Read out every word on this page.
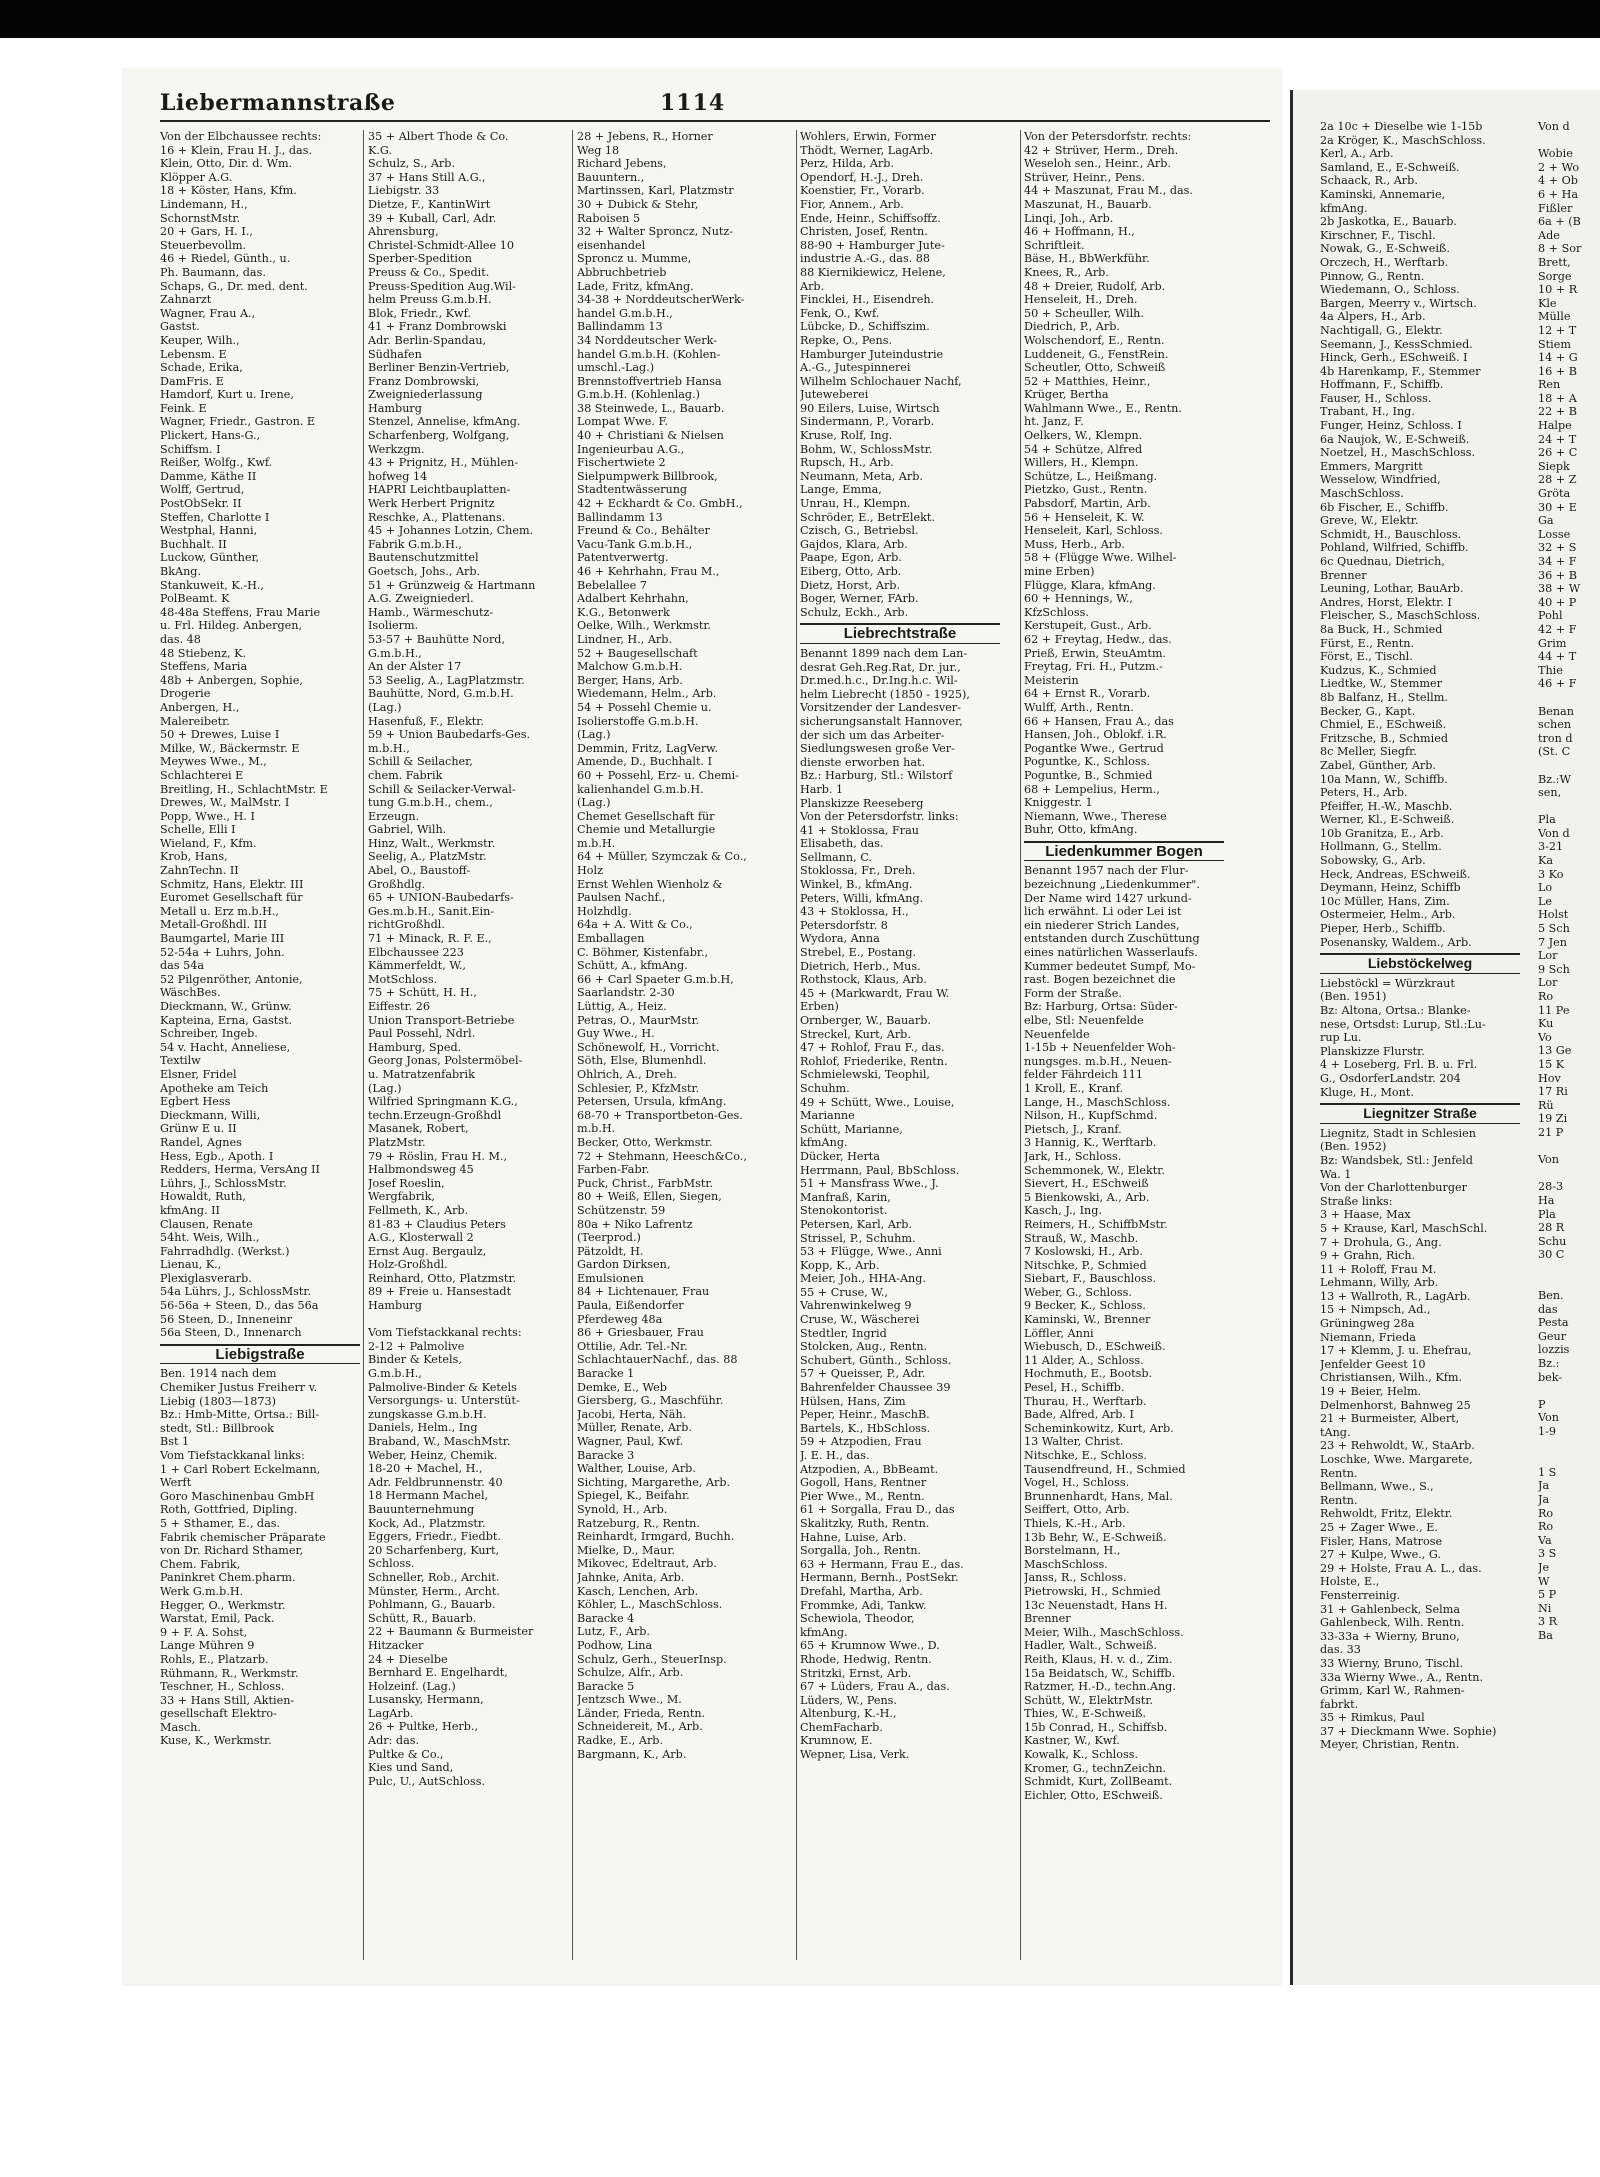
Liebermannstraße	1114

Von der Elbchaussee rechts:

16 + Klein, Frau H. J., das.

Klein, Otto, Dir. d. Wm.

Klöpper A.G.

18 + Köster, Hans, Kfm.

Lindemann, H.,

SchornstMstr.

20 + Gars, H. I.,

Steuerbevollm.

46 + Riedel, Günth., u.

Ph. Baumann, das.

Schaps, G., Dr. med. dent.

Zahnarzt

Wagner, Frau A.,

Gastst.

Keuper, Wilh.,

Lebensm. E

Schade, Erika,

DamFris. E

Hamdorf, Kurt u. Irene,

Feink. E

Wagner, Friedr., Gastron. E

Plickert, Hans-G.,

Schiffsm. I

Reißer, Wolfg., Kwf.

Damme, Käthe II

Wolff, Gertrud,

PostObSekr. II

Steffen, Charlotte I

Westphal, Hanni,

Buchhalt. II

Luckow, Günther,

BkAng.

Stankuweit, K.-H.,

PolBeamt. K

48-48a Steffens, Frau Marie

u. Frl. Hildeg. Anbergen,

das. 48

48 Stiebenz, K.

Steffens, Maria

48b + Anbergen, Sophie,

Drogerie

Anbergen, H.,

Malereibetr.

50 + Drewes, Luise I

Milke, W., Bäckermstr. E

Meywes Wwe., M.,

Schlachterei E

Breitling, H., SchlachtMstr. E

Drewes, W., MalMstr. I

Popp, Wwe., H. I

Schelle, Elli I

Wieland, F., Kfm.

Krob, Hans,

ZahnTechn. II

Schmitz, Hans, Elektr. III

Euromet Gesellschaft für

Metall u. Erz m.b.H.,

Metall-Großhdl. III

Baumgartel, Marie III

52-54a + Luhrs, John.

das 54a

52 Pilgenröther, Antonie,

WäschBes.

Dieckmann, W., Grünw.

Kapteina, Erna, Gastst.

Schreiber, Ingeb.

54 v. Hacht, Anneliese,

Textilw

Elsner, Fridel

Apotheke am Teich

Egbert Hess

Dieckmann, Willi,

Grünw E u. II

Randel, Agnes

Hess, Egb., Apoth. I

Redders, Herma, VersAng II

Lührs, J., SchlossMstr.

Howaldt, Ruth,

kfmAng. II

Clausen, Renate

54ht. Weis, Wilh.,

Fahrradhdlg. (Werkst.)

Lienau, K.,

Plexiglasverarb.

54a Lührs, J., SchlossMstr.

56-56a + Steen, D., das 56a

56 Steen, D., Inneneinr

56a Steen, D., Innenarch

Liebigstraße

Ben. 1914 nach dem

Chemiker Justus Freiherr v.

Liebig (1803—1873)

Bz.: Hmb-Mitte, Ortsa.: Bill-

stedt, Stl.: Billbrook

Bst 1

Vom Tiefstackkanal links:

1 + Carl Robert Eckelmann,

Werft

Goro Maschinenbau GmbH

Roth, Gottfried, Dipling.

5 + Sthamer, E., das.

Fabrik chemischer Präparate

von Dr. Richard Sthamer,

Chem. Fabrik,

Paninkret Chem.pharm.

Werk G.m.b.H.

Hegger, O., Werkmstr.

Warstat, Emil, Pack.

9 + F. A. Sohst,

Lange Mühren 9

Rohls, E., Platzarb.

Rühmann, R., Werkmstr.

Teschner, H., Schloss.

33 + Hans Still, Aktien-

gesellschaft Elektro-

Masch.

Kuse, K., Werkmstr.

35 + Albert Thode & Co.

K.G.

Schulz, S., Arb.

37 + Hans Still A.G.,

Liebigstr. 33

Dietze, F., KantinWirt

39 + Kuball, Carl, Adr.

Ahrensburg,

Christel-Schmidt-Allee 10

Sperber-Spedition

Preuss & Co., Spedit.

Preuss-Spedition Aug.Wil-

helm Preuss G.m.b.H.

Blok, Friedr., Kwf.

41 + Franz Dombrowski

Adr. Berlin-Spandau,

Südhafen

Berliner Benzin-Vertrieb,

Franz Dombrowski,

Zweigniederlassung

Hamburg

Stenzel, Annelise, kfmAng.

Scharfenberg, Wolfgang,

Werkzgm.

43 + Prignitz, H., Mühlen-

hofweg 14

HAPRI Leichtbauplatten-

Werk Herbert Prignitz

Reschke, A., Plattenans.

45 + Johannes Lotzin, Chem.

Fabrik G.m.b.H.,

Bautenschutzmittel

Goetsch, Johs., Arb.

51 + Grünzweig & Hartmann

A.G. Zweigniederl.

Hamb., Wärmeschutz-

Isolierm.

53-57 + Bauhütte Nord,

G.m.b.H.,

An der Alster 17

53 Seelig, A., LagPlatzmstr.

Bauhütte, Nord, G.m.b.H.

(Lag.)

Hasenfuß, F., Elektr.

59 + Union Baubedarfs-Ges.

m.b.H.,

Schill & Seilacher,

chem. Fabrik

Schill & Seilacker-Verwal-

tung G.m.b.H., chem.,

Erzeugn.

Gabriel, Wilh.

Hinz, Walt., Werkmstr.

Seelig, A., PlatzMstr.

Abel, O., Baustoff-

Großhdlg.

65 + UNION-Baubedarfs-

Ges.m.b.H., Sanit.Ein-

richtGroßhdl.

71 + Minack, R. F. E.,

Elbchaussee 223

Kämmerfeldt, W.,

MotSchloss.

75 + Schütt, H. H.,

Eiffestr. 26

Union Transport-Betriebe

Paul Possehl, Ndrl.

Hamburg, Sped.

Georg Jonas, Polstermöbel-

u. Matratzenfabrik

(Lag.)

Wilfried Springmann K.G.,

techn.Erzeugn-Großhdl

Masanek, Robert,

PlatzMstr.

79 + Röslin, Frau H. M.,

Halbmondsweg 45

Josef Roeslin,

Wergfabrik,

Fellmeth, K., Arb.

81-83 + Claudius Peters

A.G., Klosterwall 2

Ernst Aug. Bergaulz,

Holz-Großhdl.

Reinhard, Otto, Platzmstr.

89 + Freie u. Hansestadt

Hamburg

Vom Tiefstackkanal rechts:

2-12 + Palmolive

Binder & Ketels,

G.m.b.H.,

Palmolive-Binder & Ketels

Versorgungs- u. Unterstüt-

zungskasse G.m.b.H.

Daniels, Helm., Ing

Braband, W., MaschMstr.

Weber, Heinz, Chemik.

18-20 + Machel, H.,

Adr. Feldbrunnenstr. 40

18 Hermann Machel,

Bauunternehmung

Kock, Ad., Platzmstr.

Eggers, Friedr., Fiedbt.

20 Scharfenberg, Kurt,

Schloss.

Schneller, Rob., Archit.

Münster, Herm., Archt.

Pohlmann, G., Bauarb.

Schütt, R., Bauarb.

22 + Baumann & Burmeister

Hitzacker

24 + Dieselbe

Bernhard E. Engelhardt,

Holzeinf. (Lag.)

Lusansky, Hermann,

LagArb.

26 + Pultke, Herb.,

Adr: das.

Pultke & Co.,

Kies und Sand,

Pulc, U., AutSchloss.

28 + Jebens, R., Horner

Weg 18

Richard Jebens,

Bauuntern.,

Martinssen, Karl, Platzmstr

30 + Dubick & Stehr,

Raboisen 5

32 + Walter Sproncz, Nutz-

eisenhandel

Sproncz u. Mumme,

Abbruchbetrieb

Lade, Fritz, kfmAng.

34-38 + NorddeutscherWerk-

handel G.m.b.H.,

Ballindamm 13

34 Norddeutscher Werk-

handel G.m.b.H. (Kohlen-

umschl.-Lag.)

Brennstoffvertrieb Hansa

G.m.b.H. (Kohlenlag.)

38 Steinwede, L., Bauarb.

Lompat Wwe. F.

40 + Christiani & Nielsen

Ingenieurbau A.G.,

Fischertwiete 2

Sielpumpwerk Billbrook,

Stadtentwässerung

42 + Eckhardt & Co. GmbH.,

Ballindamm 13

Freund & Co., Behälter

Vacu-Tank G.m.b.H.,

Patentverwertg.

46 + Kehrhahn, Frau M.,

Bebelallee 7

Adalbert Kehrhahn,

K.G., Betonwerk

Oelke, Wilh., Werkmstr.

Lindner, H., Arb.

52 + Baugesellschaft

Malchow G.m.b.H.

Berger, Hans, Arb.

Wiedemann, Helm., Arb.

54 + Possehl Chemie u.

Isolierstoffe G.m.b.H.

(Lag.)

Demmin, Fritz, LagVerw.

Amende, D., Buchhalt. I

60 + Possehl, Erz- u. Chemi-

kalienhandel G.m.b.H.

(Lag.)

Chemet Gesellschaft für

Chemie und Metallurgie

m.b.H.

64 + Müller, Szymczak & Co.,

Holz

Ernst Wehlen Wienholz &

Paulsen Nachf.,

Holzhdlg.

64a + A. Witt & Co.,

Emballagen

C. Böhmer, Kistenfabr.,

Schütt, A., kfmAng.

66 + Carl Spaeter G.m.b.H,

Saarlandstr. 2-30

Lüttig, A., Heiz.

Petras, O., MaurMstr.

Guy Wwe., H.

Schönewolf, H., Vorricht.

Söth, Else, Blumenhdl.

Ohlrich, A., Dreh.

Schlesier, P., KfzMstr.

Petersen, Ursula, kfmAng.

68-70 + Transportbeton-Ges.

m.b.H.

Becker, Otto, Werkmstr.

72 + Stehmann, Heesch&Co.,

Farben-Fabr.

Puck, Christ., FarbMstr.

80 + Weiß, Ellen, Siegen,

Schützenstr. 59

80a + Niko Lafrentz

(Teerprod.)

Pätzoldt, H.

Gardon Dirksen,

Emulsionen

84 + Lichtenauer, Frau

Paula, Eißendorfer

Pferdeweg 48a

86 + Griesbauer, Frau

Ottilie, Adr. Tel.-Nr.

SchlachtauerNachf., das. 88

Baracke 1

Demke, E., Web

Giersberg, G., Maschführ.

Jacobi, Herta, Näh.

Müller, Renate, Arb.

Wagner, Paul, Kwf.

Baracke 3

Walther, Louise, Arb.

Sichting, Margarethe, Arb.

Spiegel, K., Beifahr.

Synold, H., Arb.

Ratzeburg, R., Rentn.

Reinhardt, Irmgard, Buchh.

Mielke, D., Maur.

Mikovec, Edeltraut, Arb.

Jahnke, Anita, Arb.

Kasch, Lenchen, Arb.

Köhler, L., MaschSchloss.

Baracke 4

Lutz, F., Arb.

Podhow, Lina

Schulz, Gerh., SteuerInsp.

Schulze, Alfr., Arb.

Baracke 5

Jentzsch Wwe., M.

Länder, Frieda, Rentn.

Schneidereit, M., Arb.

Radke, E., Arb.

Bargmann, K., Arb.

Wohlers, Erwin, Former

Thödt, Werner, LagArb.

Perz, Hilda, Arb.

Opendorf, H.-J., Dreh.

Koenstier, Fr., Vorarb.

Fior, Annem., Arb.

Ende, Heinr., Schiffsoffz.

Christen, Josef, Rentn.

88-90 + Hamburger Jute-

industrie A.-G., das. 88

88 Kiernikiewicz, Helene,

Arb.

Fincklei, H., Eisendreh.

Fenk, O., Kwf.

Lübcke, D., Schiffszim.

Repke, O., Pens.

Hamburger Juteindustrie

A.-G., Jutespinnerei

Wilhelm Schlochauer Nachf,

Juteweberei

90 Eilers, Luise, Wirtsch

Sindermann, P., Vorarb.

Kruse, Rolf, Ing.

Bohm, W., SchlossMstr.

Rupsch, H., Arb.

Neumann, Meta, Arb.

Lange, Emma,

Unrau, H., Klempn.

Schröder, E., BetrElekt.

Czisch, G., Betriebsl.

Gajdos, Klara, Arb.

Paape, Egon, Arb.

Eiberg, Otto, Arb.

Dietz, Horst, Arb.

Boger, Werner, FArb.

Schulz, Eckh., Arb.

Liebrechtstraße

Benannt 1899 nach dem Lan-

desrat Geh.Reg.Rat, Dr. jur.,

Dr.med.h.c., Dr.Ing.h.c. Wil-

helm Liebrecht (1850 - 1925),

Vorsitzender der Landesver-

sicherungsanstalt Hannover,

der sich um das Arbeiter-

Siedlungswesen große Ver-

dienste erworben hat.

Bz.: Harburg, Stl.: Wilstorf

Harb. 1

Planskizze Reeseberg

Von der Petersdorfstr. links:

41 + Stoklossa, Frau

Elisabeth, das.

Sellmann, C.

Stoklossa, Fr., Dreh.

Winkel, B., kfmAng.

Peters, Willi, kfmAng.

43 + Stoklossa, H.,

Petersdorfstr. 8

Wydora, Anna

Strebel, E., Postang.

Dietrich, Herb., Mus.

Rothstock, Klaus, Arb.

45 + (Markwardt, Frau W.

Erben)

Ornberger, W., Bauarb.

Streckel, Kurt, Arb.

47 + Rohlof, Frau F., das.

Rohlof, Friederike, Rentn.

Schmielewski, Teophil,

Schuhm.

49 + Schütt, Wwe., Louise,

Marianne

Schütt, Marianne,

kfmAng.

Dücker, Herta

Herrmann, Paul, BbSchloss.

51 + Mansfrass Wwe., J.

Manfraß, Karin,

Stenokontorist.

Petersen, Karl, Arb.

Strissel, P., Schuhm.

53 + Flügge, Wwe., Anni

Kopp, K., Arb.

Meier, Joh., HHA-Ang.

55 + Cruse, W.,

Vahrenwinkelweg 9

Cruse, W., Wäscherei

Stedtler, Ingrid

Stolcken, Aug., Rentn.

Schubert, Günth., Schloss.

57 + Queisser, P., Adr.

Bahrenfelder Chaussee 39

Hülsen, Hans, Zim

Peper, Heinr., MaschB.

Bartels, K., HbSchloss.

59 + Atzpodien, Frau

J. E. H., das.

Atzpodien, A., BbBeamt.

Gogoll, Hans, Rentner

Pier Wwe., M., Rentn.

61 + Sorgalla, Frau D., das

Skalitzky, Ruth, Rentn.

Hahne, Luise, Arb.

Sorgalla, Joh., Rentn.

63 + Hermann, Frau E., das.

Hermann, Bernh., PostSekr.

Drefahl, Martha, Arb.

Frommke, Adi, Tankw.

Schewiola, Theodor,

kfmAng.

65 + Krumnow Wwe., D.

Rhode, Hedwig, Rentn.

Stritzki, Ernst, Arb.

67 + Lüders, Frau A., das.

Lüders, W., Pens.

Altenburg, K.-H.,

ChemFacharb.

Krumnow, E.

Wepner, Lisa, Verk.

Von der Petersdorfstr. rechts:

42 + Strüver, Herm., Dreh.

Weseloh sen., Heinr., Arb.

Strüver, Heinr., Pens.

44 + Maszunat, Frau M., das.

Maszunat, H., Bauarb.

Linqi, Joh., Arb.

46 + Hoffmann, H.,

Schriftleit.

Bäse, H., BbWerkführ.

Knees, R., Arb.

48 + Dreier, Rudolf, Arb.

Henseleit, H., Dreh.

50 + Scheuller, Wilh.

Diedrich, P., Arb.

Wolschendorf, E., Rentn.

Luddeneit, G., FenstRein.

Scheutler, Otto, Schweiß

52 + Matthies, Heinr.,

Krüger, Bertha

Wahlmann Wwe., E., Rentn.

ht. Janz, F.

Oelkers, W., Klempn.

54 + Schütze, Alfred

Willers, H., Klempn.

Schütze, L., Heißmang.

Pietzko, Gust., Rentn.

Pabsdorf, Martin, Arb.

56 + Henseleit, K. W.

Henseleit, Karl, Schloss.

Muss, Herb., Arb.

58 + (Flügge Wwe. Wilhel-

mine Erben)

Flügge, Klara, kfmAng.

60 + Hennings, W.,

KfzSchloss.

Kerstupeit, Gust., Arb.

62 + Freytag, Hedw., das.

Prieß, Erwin, SteuAmtm.

Freytag, Fri. H., Putzm.-

Meisterin

64 + Ernst R., Vorarb.

Wulff, Arth., Rentn.

66 + Hansen, Frau A., das

Hansen, Joh., Oblokf. i.R.

Pogantke Wwe., Gertrud

Poguntke, K., Schloss.

Poguntke, B., Schmied

68 + Lempelius, Herm.,

Kniggestr. 1

Niemann, Wwe., Therese

Buhr, Otto, kfmAng.

Liedenkummer Bogen

Benannt 1957 nach der Flur-

bezeichnung „Liedenkummer".

Der Name wird 1427 urkund-

lich erwähnt. Li oder Lei ist

ein niederer Strich Landes,

entstanden durch Zuschüttung

eines natürlichen Wasserlaufs.

Kummer bedeutet Sumpf, Mo-

rast. Bogen bezeichnet die

Form der Straße.

Bz: Harburg, Ortsa: Süder-

elbe, Stl: Neuenfelde

Neuenfelde

1-15b + Neuenfelder Woh-

nungsges. m.b.H., Neuen-

felder Fährdeich 111

1 Kroll, E., Kranf.

Lange, H., MaschSchloss.

Nilson, H., KupfSchmd.

Pietsch, J., Kranf.

3 Hannig, K., Werftarb.

Jark, H., Schloss.

Schemmonek, W., Elektr.

Sievert, H., ESchweiß

5 Bienkowski, A., Arb.

Kasch, J., Ing.

Reimers, H., SchiffbMstr.

Strauß, W., Maschb.

7 Koslowski, H., Arb.

Nitschke, P., Schmied

Siebart, F., Bauschloss.

Weber, G., Schloss.

9 Becker, K., Schloss.

Kaminski, W., Brenner

Löffler, Anni

Wiebusch, D., ESchweiß.

11 Alder, A., Schloss.

Hochmuth, E., Bootsb.

Pesel, H., Schiffb.

Thurau, H., Werftarb.

Bade, Alfred, Arb. I

Scheminkowitz, Kurt, Arb.

13 Walter, Christ.

Nitschke, E., Schloss.

Tausendfreund, H., Schmied

Vogel, H., Schloss.

Brunnenhardt, Hans, Mal.

Seiffert, Otto, Arb.

Thiels, K.-H., Arb.

13b Behr, W., E-Schweiß.

Borstelmann, H.,

MaschSchloss.

Janss, R., Schloss.

Pietrowski, H., Schmied

13c Neuenstadt, Hans H.

Brenner

Meier, Wilh., MaschSchloss.

Hadler, Walt., Schweiß.

Reith, Klaus, H. v. d., Zim.

15a Beidatsch, W., Schiffb.

Ratzmer, H.-D., techn.Ang.

Schütt, W., ElektrMstr.

Thies, W., E-Schweiß.

15b Conrad, H., Schiffsb.

Kastner, W., Kwf.

Kowalk, K., Schloss.

Kromer, G., technZeichn.

Schmidt, Kurt, ZollBeamt.

Eichler, Otto, ESchweiß.

2a 10c + Dieselbe wie 1-15b

2a Kröger, K., MaschSchloss.

Kerl, A., Arb.

Samland, E., E-Schweiß.

Schaack, R., Arb.

Kaminski, Annemarie,

kfmAng.

2b Jaskotka, E., Bauarb.

Kirschner, F., Tischl.

Nowak, G., E-Schweiß.

Orczech, H., Werftarb.

Pinnow, G., Rentn.

Wiedemann, O., Schloss.

Bargen, Meerry v., Wirtsch.

4a Alpers, H., Arb.

Nachtigall, G., Elektr.

Seemann, J., KessSchmied.

Hinck, Gerh., ESchweiß. I

4b Harenkamp, F., Stemmer

Hoffmann, F., Schiffb.

Fauser, H., Schloss.

Trabant, H., Ing.

Funger, Heinz, Schloss. I

6a Naujok, W., E-Schweiß.

Noetzel, H., MaschSchloss.

Emmers, Margritt

Wesselow, Windfried,

MaschSchloss.

6b Fischer, E., Schiffb.

Greve, W., Elektr.

Schmidt, H., Bauschloss.

Pohland, Wilfried, Schiffb.

6c Quednau, Dietrich,

Brenner

Leuning, Lothar, BauArb.

Andres, Horst, Elektr. I

Fleischer, S., MaschSchloss.

8a Buck, H., Schmied

Fürst, E., Rentn.

Först, E., Tischl.

Kudzus, K., Schmied

Liedtke, W., Stemmer

8b Balfanz, H., Stellm.

Becker, G., Kapt.

Chmiel, E., ESchweiß.

Fritzsche, B., Schmied

8c Meller, Siegfr.

Zabel, Günther, Arb.

10a Mann, W., Schiffb.

Peters, H., Arb.

Pfeiffer, H.-W., Maschb.

Werner, Kl., E-Schweiß.

10b Granitza, E., Arb.

Hollmann, G., Stellm.

Sobowsky, G., Arb.

Heck, Andreas, ESchweiß.

Deymann, Heinz, Schiffb

10c Müller, Hans, Zim.

Ostermeier, Helm., Arb.

Pieper, Herb., Schiffb.

Posenansky, Waldem., Arb.

Liebstöckelweg

Liebstöckl = Würzkraut

(Ben. 1951)

Bz: Altona, Ortsa.: Blanke-

nese, Ortsdst: Lurup, Stl.:Lu-

rup Lu.

Planskizze Flurstr.

4 + Loseberg, Frl. B. u. Frl.

G., OsdorferLandstr. 204

Kluge, H., Mont.

Liegnitzer Straße

Liegnitz, Stadt in Schlesien

(Ben. 1952)

Bz: Wandsbek, Stl.: Jenfeld

Wa. 1

Von der Charlottenburger

Straße links:

3 + Haase, Max

5 + Krause, Karl, MaschSchl.

7 + Drohula, G., Ang.

9 + Grahn, Rich.

11 + Roloff, Frau M.

Lehmann, Willy, Arb.

13 + Wallroth, R., LagArb.

15 + Nimpsch, Ad.,

Grüningweg 28a

Niemann, Frieda

17 + Klemm, J. u. Ehefrau,

Jenfelder Geest 10

Christiansen, Wilh., Kfm.

19 + Beier, Helm.

Delmenhorst, Bahnweg 25

21 + Burmeister, Albert,

tAng.

23 + Rehwoldt, W., StaArb.

Loschke, Wwe. Margarete,

Rentn.

Bellmann, Wwe., S.,

Rentn.

Rehwoldt, Fritz, Elektr.

25 + Zager Wwe., E.

Fisler, Hans, Matrose

27 + Kulpe, Wwe., G.

29 + Holste, Frau A. L., das.

Holste, E.,

Fensterreinig.

31 + Gahlenbeck, Selma

Gahlenbeck, Wilh. Rentn.

33-33a + Wierny, Bruno,

das. 33

33 Wierny, Bruno, Tischl.

33a Wierny Wwe., A., Rentn.

Grimm, Karl W., Rahmen-

fabrkt.

35 + Rimkus, Paul

37 + Dieckmann Wwe. Sophie)

Meyer, Christian, Rentn.

Von d

Wobie

2 + Wo

4 + Ob

6 + Ha

Fißler

6a + (B

Ade

8 + Sor

Brett,

Sorge

10 + R

Kle

Mülle

12 + T

Stiem

14 + G

16 + B

Ren

18 + A

22 + B

Halpe

24 + T

26 + C

Siepk

28 + Z

Gröta

30 + E

Ga

Losse

32 + S

34 + F

36 + B

38 + W

40 + P

Pohl

42 + F

Grim

44 + T

Thie

46 + F

Benan

schen

tron d

(St. C

Bz.:W

sen,

Pla

Von d

3-21

Ka

3 Ko

Lo

Le

Holst

5 Sch

7 Jen

Lor

9 Sch

Lor

Ro

11 Pe

Ku

Vo

13 Ge

15 K

Hov

17 Ri

Rü

19 Zi

21 P

Von

28-3

Ha

Pla

28 R

Schu

30 C

Ben.

das

Pesta

Geur

lozzis

Bz.:

bek-

P

Von

1-9

1 S

Ja

Ja

Ro

Ro

Va

3 S

Je

W

5 P

Ni

3 R

Ba
